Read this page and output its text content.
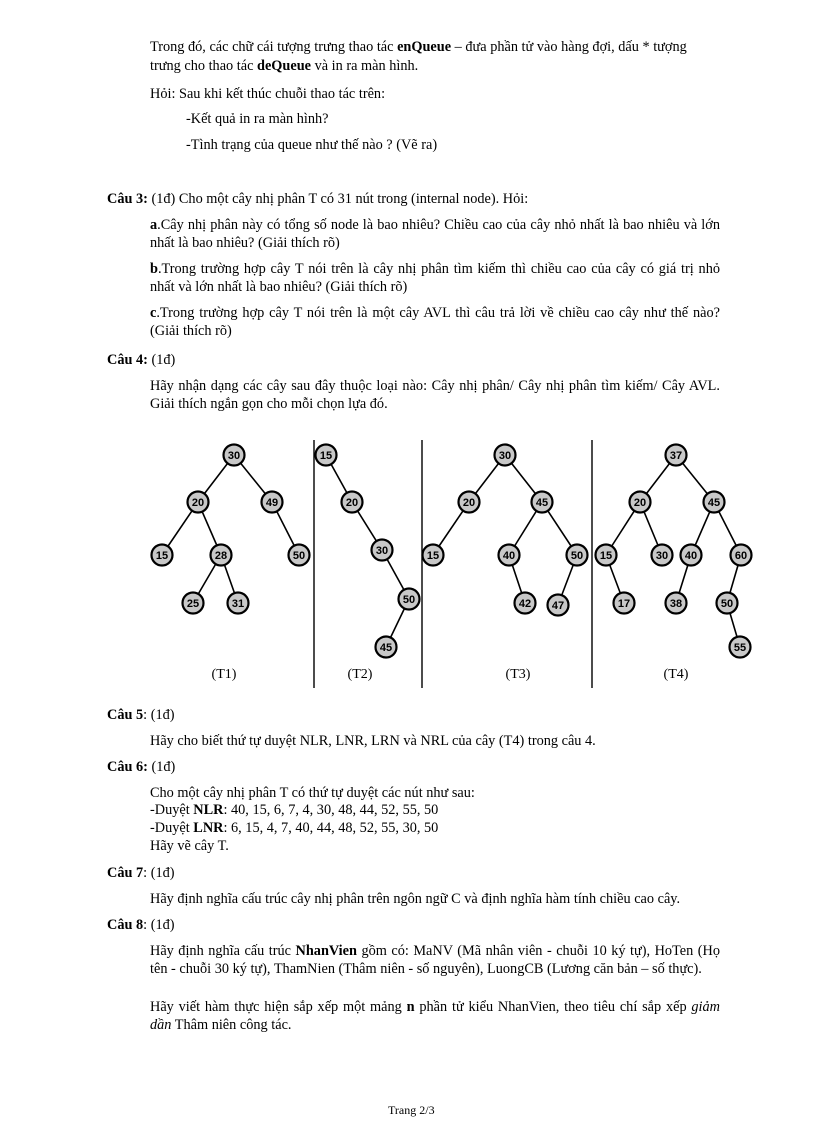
Trong đó, các chữ cái tượng trưng thao tác enQueue – đưa phần tử vào hàng đợi, dấu * tượng
trưng cho thao tác deQueue và in ra màn hình.
Hỏi: Sau khi kết thúc chuỗi thao tác trên:
-Kết quả in ra màn hình?
-Tình trạng của queue như thế nào ? (Vẽ ra)
Câu 3: (1đ) Cho một cây nhị phân T có 31 nút trong (internal node). Hỏi:
a.Cây nhị phân này có tổng số node là bao nhiêu? Chiều cao của cây nhỏ nhất là bao nhiêu và lớn nhất là bao nhiêu? (Giải thích rõ)
b.Trong trường hợp cây T nói trên là cây nhị phân tìm kiếm thì chiều cao của cây có giá trị nhỏ nhất và lớn nhất là bao nhiêu? (Giải thích rõ)
c.Trong trường hợp cây T nói trên là một cây AVL thì câu trả lời về chiều cao cây như thế nào? (Giải thích rõ)
Câu 4: (1đ)
Hãy nhận dạng các cây sau đây thuộc loại nào: Cây nhị phân/ Cây nhị phân tìm kiếm/ Cây AVL. Giải thích ngắn gọn cho mỗi chọn lựa đó.
30
20	49
15	28	50
25	31
15
20
30
50
45
30
20	45
15	40	50
42 47
37
20	45
15	30 40	60
17	38	50
55
(T1)	(T2)	(T3)	(T4)
Câu 5: (1đ)
Hãy cho biết thứ tự duyệt NLR, LNR, LRN và NRL của cây (T4) trong câu 4.
Câu 6: (1đ)
Cho một cây nhị phân T có thứ tự duyệt các nút như sau:
-Duyệt NLR: 40, 15, 6, 7, 4, 30, 48, 44, 52, 55, 50
-Duyệt LNR: 6, 15, 4, 7, 40, 44, 48, 52, 55, 30, 50
Hãy vẽ cây T.
Câu 7: (1đ)
Hãy định nghĩa cấu trúc cây nhị phân trên ngôn ngữ C và định nghĩa hàm tính chiều cao cây.
Câu 8: (1đ)
Hãy định nghĩa cấu trúc NhanVien gồm có: MaNV (Mã nhân viên - chuỗi 10 ký tự), HoTen (Họ tên - chuỗi 30 ký tự), ThamNien (Thâm niên - số nguyên), LuongCB (Lương căn bản – số thực).
Hãy viết hàm thực hiện sắp xếp một mảng n phần tử kiểu NhanVien, theo tiêu chí sắp xếp giảm dần Thâm niên công tác.
Trang 2/3
